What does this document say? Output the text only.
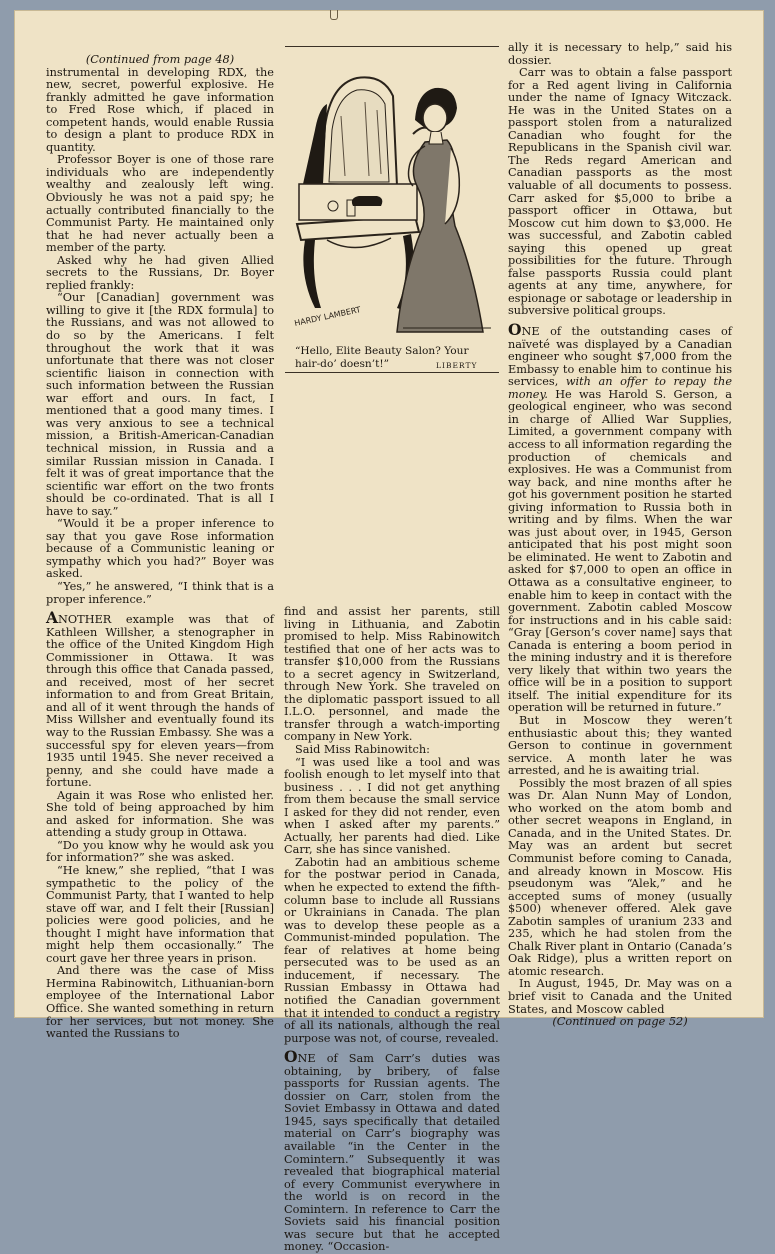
(Continued from page 48)

instrumental in developing RDX, the new, secret, powerful explosive. He frankly admitted he gave information to Fred Rose which, if placed in competent hands, would enable Russia to design a plant to produce RDX in quantity.

Professor Boyer is one of those rare individuals who are independently wealthy and zealously left wing. Obviously he was not a paid spy; he actually contributed financially to the Communist Party. He maintained only that he had never actually been a member of the party.

Asked why he had given Allied secrets to the Russians, Dr. Boyer replied frankly:

“Our [Canadian] government was willing to give it [the RDX formula] to the Russians, and was not allowed to do so by the Americans. I felt throughout the work that it was unfortunate that there was not closer scientific liaison in connection with such information between the Russian war effort and ours. In fact, I mentioned that a good many times. I was very anxious to see a technical mission, a British-American-Canadian technical mission, in Russia and a similar Russian mission in Canada. I felt it was of great importance that the scientific war effort on the two fronts should be co-ordinated. That is all I have to say.”

“Would it be a proper inference to say that you gave Rose information because of a Communistic leaning or sympathy which you had?” Boyer was asked.

“Yes,” he answered, “I think that is a proper inference.”

ANOTHER example was that of Kathleen Willsher, a stenographer in the office of the United Kingdom High Commissioner in Ottawa. It was through this office that Canada passed, and received, most of her secret information to and from Great Britain, and all of it went through the hands of Miss Willsher and eventually found its way to the Russian Embassy. She was a successful spy for eleven years—from 1935 until 1945. She never received a penny, and she could have made a fortune.

Again it was Rose who enlisted her. She told of being approached by him and asked for information. She was attending a study group in Ottawa.

“Do you know why he would ask you for information?” she was asked.

“He knew,” she replied, “that I was sympathetic to the policy of the Communist Party, that I wanted to help stave off war, and I felt their [Russian] policies were good policies, and he thought I might have information that might help them occasionally.” The court gave her three years in prison.

And there was the case of Miss Hermina Rabinowitch, Lithuanian-born employee of the International Labor Office. She wanted something in return for her services, but not money. She wanted the Russians to

HARDY LAMBERT
“Hello, Elite Beauty Salon? Your hair-do’ doesn’t!”	LIBERTY

find and assist her parents, still living in Lithuania, and Zabotin promised to help. Miss Rabinowitch testified that one of her acts was to transfer $10,000 from the Russians to a secret agency in Switzerland, through New York. She traveled on the diplomatic passport issued to all I.L.O. personnel, and made the transfer through a watch-importing company in New York.

Said Miss Rabinowitch:

“I was used like a tool and was foolish enough to let myself into that business . . . I did not get anything from them because the small service I asked for they did not render, even when I asked after my parents.” Actually, her parents had died. Like Carr, she has since vanished.

Zabotin had an ambitious scheme for the postwar period in Canada, when he expected to extend the fifth-column base to include all Russians or Ukrainians in Canada. The plan was to develop these people as a Communist-minded population. The fear of relatives at home being persecuted was to be used as an inducement, if necessary. The Russian Embassy in Ottawa had notified the Canadian government that it intended to conduct a registry of all its nationals, although the real purpose was not, of course, revealed.

ONE of Sam Carr’s duties was obtaining, by bribery, of false passports for Russian agents. The dossier on Carr, stolen from the Soviet Embassy in Ottawa and dated 1945, says specifically that detailed material on Carr’s biography was available “in the Center in the Comintern.” Subsequently it was revealed that biographical material of every Communist everywhere in the world is on record in the Comintern. In reference to Carr the Soviets said his financial position was secure but that he accepted money. “Occasion-

ally it is necessary to help,” said his dossier.

Carr was to obtain a false passport for a Red agent living in California under the name of Ignacy Witczack. He was in the United States on a passport stolen from a naturalized Canadian who fought for the Republicans in the Spanish civil war. The Reds regard American and Canadian passports as the most valuable of all documents to possess. Carr asked for $5,000 to bribe a passport officer in Ottawa, but Moscow cut him down to $3,000. He was successful, and Zabotin cabled saying this opened up great possibilities for the future. Through false passports Russia could plant agents at any time, anywhere, for espionage or sabotage or leadership in subversive political groups.

ONE of the outstanding cases of naïveté was displayed by a Canadian engineer who sought $7,000 from the Embassy to enable him to continue his services, with an offer to repay the money. He was Harold S. Gerson, a geological engineer, who was second in charge of Allied War Supplies, Limited, a government company with access to all information regarding the production of chemicals and explosives. He was a Communist from way back, and nine months after he got his government position he started giving information to Russia both in writing and by films. When the war was just about over, in 1945, Gerson anticipated that his post might soon be eliminated. He went to Zabotin and asked for $7,000 to open an office in Ottawa as a consultative engineer, to enable him to keep in contact with the government. Zabotin cabled Moscow for instructions and in his cable said: “Gray [Gerson’s cover name] says that Canada is entering a boom period in the mining industry and it is therefore very likely that within two years the office will be in a position to support itself. The initial expenditure for its operation will be returned in future.”

But in Moscow they weren’t enthusiastic about this; they wanted Gerson to continue in government service. A month later he was arrested, and he is awaiting trial.

Possibly the most brazen of all spies was Dr. Alan Nunn May of London, who worked on the atom bomb and other secret weapons in England, in Canada, and in the United States. Dr. May was an ardent but secret Communist before coming to Canada, and already known in Moscow. His pseudonym was “Alek,” and he accepted sums of money (usually $500) whenever offered. Alek gave Zabotin samples of uranium 233 and 235, which he had stolen from the Chalk River plant in Ontario (Canada’s Oak Ridge), plus a written report on atomic research.

In August, 1945, Dr. May was on a brief visit to Canada and the United States, and Moscow cabled

(Continued on page 52)
